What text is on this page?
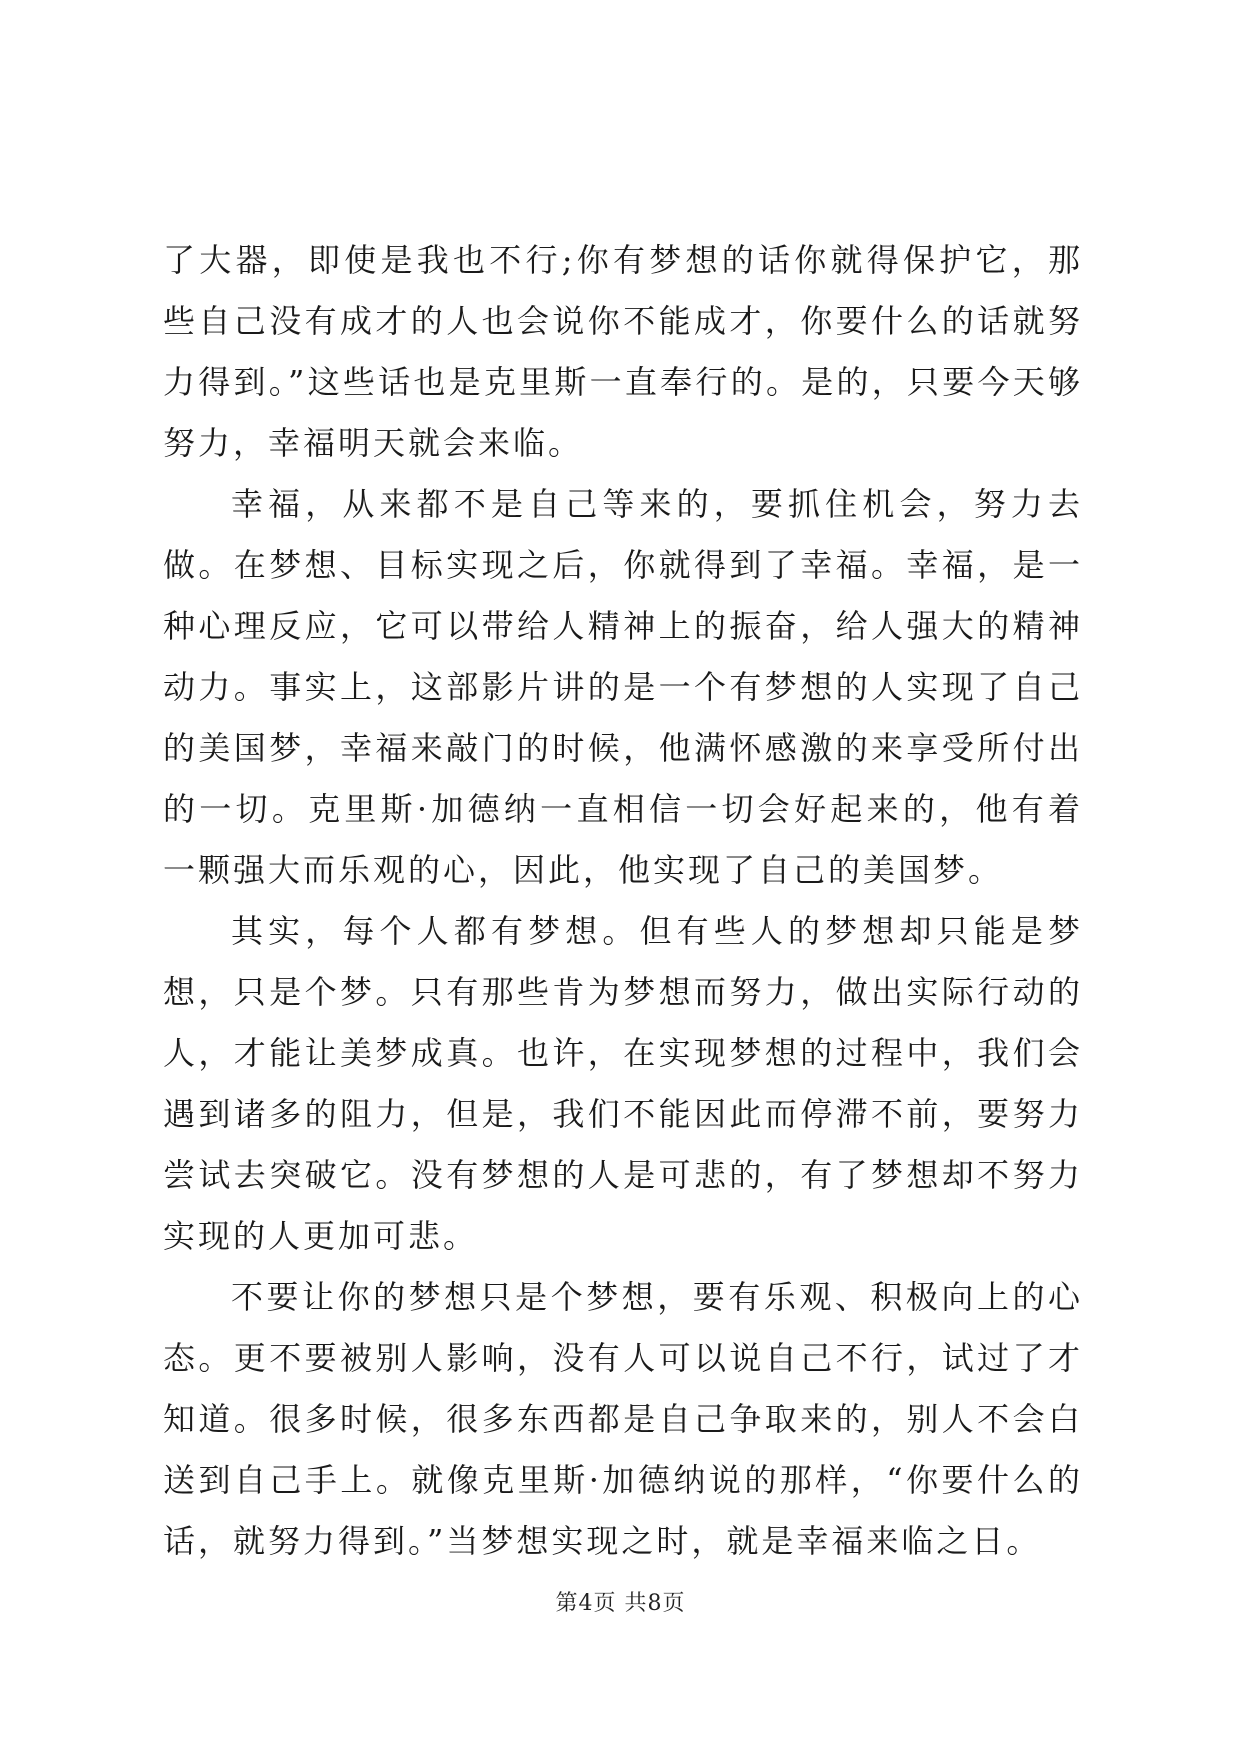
了大器，即使是我也不行;你有梦想的话你就得保护它，那些自己没有成才的人也会说你不能成才，你要什么的话就努力得到。”这些话也是克里斯一直奉行的。是的，只要今天够努力，幸福明天就会来临。

幸福，从来都不是自己等来的，要抓住机会，努力去做。在梦想、目标实现之后，你就得到了幸福。幸福，是一种心理反应，它可以带给人精神上的振奋，给人强大的精神动力。事实上，这部影片讲的是一个有梦想的人实现了自己的美国梦，幸福来敲门的时候，他满怀感激的来享受所付出的一切。克里斯·加德纳一直相信一切会好起来的，他有着一颗强大而乐观的心，因此，他实现了自己的美国梦。

其实，每个人都有梦想。但有些人的梦想却只能是梦想，只是个梦。只有那些肯为梦想而努力，做出实际行动的人，才能让美梦成真。也许，在实现梦想的过程中，我们会遇到诸多的阻力，但是，我们不能因此而停滞不前，要努力尝试去突破它。没有梦想的人是可悲的，有了梦想却不努力实现的人更加可悲。

不要让你的梦想只是个梦想，要有乐观、积极向上的心态。更不要被别人影响，没有人可以说自己不行，试过了才知道。很多时候，很多东西都是自己争取来的，别人不会白送到自己手上。就像克里斯·加德纳说的那样，“你要什么的话，就努力得到。”当梦想实现之时，就是幸福来临之日。

第4页 共8页
